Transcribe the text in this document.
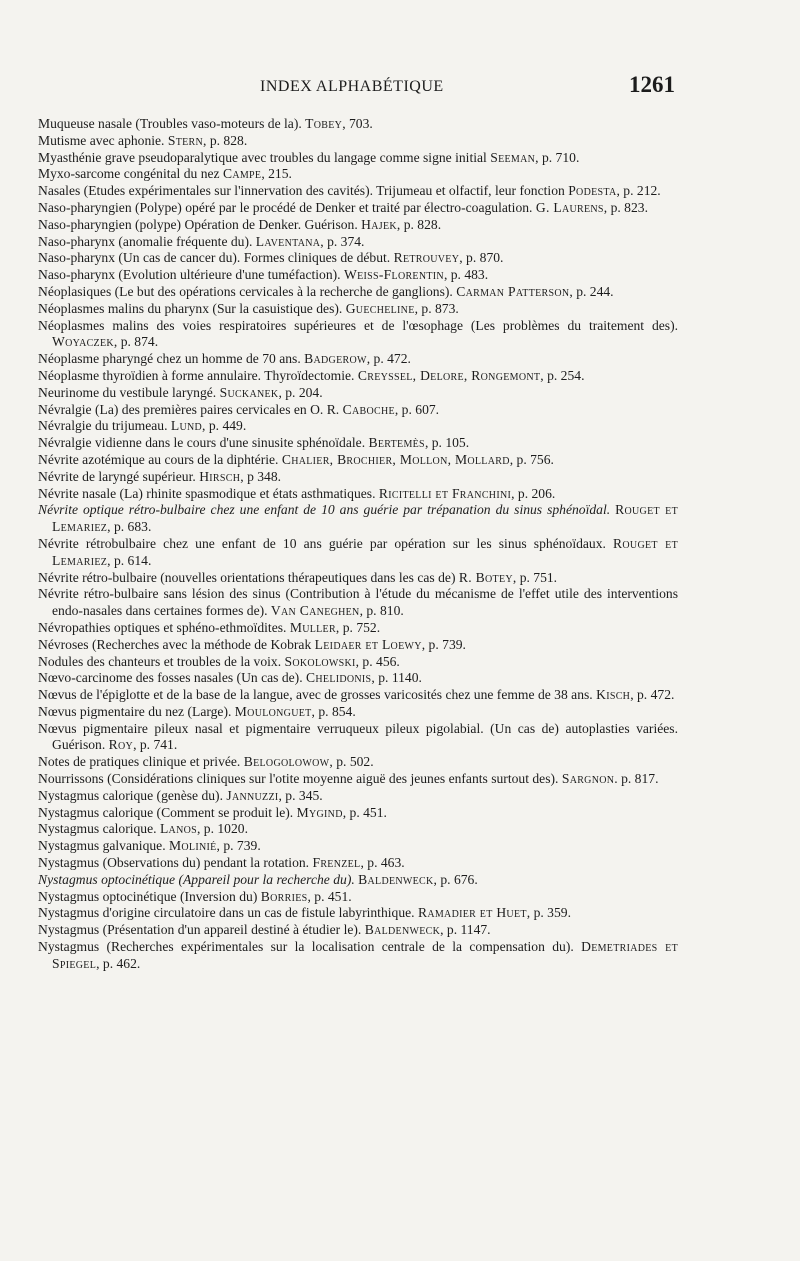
INDEX ALPHABÉTIQUE	1261

Muqueuse nasale (Troubles vaso-moteurs de la). Tobey, 703.

Mutisme avec aphonie. Stern, p. 828.

Myasthénie grave pseudoparalytique avec troubles du langage comme signe initial Seeman, p. 710.

Myxo-sarcome congénital du nez Campe, 215.

Nasales (Etudes expérimentales sur l'innervation des cavités). Trijumeau et olfactif, leur fonction Podesta, p. 212.

Naso-pharyngien (Polype) opéré par le procédé de Denker et traité par électro-coagulation. G. Laurens, p. 823.

Naso-pharyngien (polype) Opération de Denker. Guérison. Hajek, p. 828.

Naso-pharynx (anomalie fréquente du). Laventana, p. 374.

Naso-pharynx (Un cas de cancer du). Formes cliniques de début. Retrouvey, p. 870.

Naso-pharynx (Evolution ultérieure d'une tuméfaction). Weiss-Florentin, p. 483.

Néoplasiques (Le but des opérations cervicales à la recherche de ganglions). Carman Patterson, p. 244.

Néoplasmes malins du pharynx (Sur la casuistique des). Guecheline, p. 873.

Néoplasmes malins des voies respiratoires supérieures et de l'œsophage (Les problèmes du traitement des). Woyaczek, p. 874.

Néoplasme pharyngé chez un homme de 70 ans. Badgerow, p. 472.

Néoplasme thyroïdien à forme annulaire. Thyroïdectomie. Creyssel, Delore, Rongemont, p. 254.

Neurinome du vestibule laryngé. Suckanek, p. 204.

Névralgie (La) des premières paires cervicales en O. R. Caboche, p. 607.

Névralgie du trijumeau. Lund, p. 449.

Névralgie vidienne dans le cours d'une sinusite sphénoïdale. Bertemès, p. 105.

Névrite azotémique au cours de la diphtérie. Chalier, Brochier, Mollon, Mollard, p. 756.

Névrite de laryngé supérieur. Hirsch, p 348.

Névrite nasale (La) rhinite spasmodique et états asthmatiques. Ricitelli et Franchini, p. 206.

Névrite optique rétro-bulbaire chez une enfant de 10 ans guérie par trépanation du sinus sphénoïdal. Rouget et Lemariez, p. 683.

Névrite rétrobulbaire chez une enfant de 10 ans guérie par opération sur les sinus sphénoïdaux. Rouget et Lemariez, p. 614.

Névrite rétro-bulbaire (nouvelles orientations thérapeutiques dans les cas de) R. Botey, p. 751.

Névrite rétro-bulbaire sans lésion des sinus (Contribution à l'étude du mécanisme de l'effet utile des interventions endo-nasales dans certaines formes de). Van Caneghen, p. 810.

Névropathies optiques et sphéno-ethmoïdites. Muller, p. 752.

Névroses (Recherches avec la méthode de Kobrak Leidaer et Loewy, p. 739.

Nodules des chanteurs et troubles de la voix. Sokolowski, p. 456.

Nœvo-carcinome des fosses nasales (Un cas de). Chelidonis, p. 1140.

Nœvus de l'épiglotte et de la base de la langue, avec de grosses varicosités chez une femme de 38 ans. Kisch, p. 472.

Nœvus pigmentaire du nez (Large). Moulonguet, p. 854.

Nœvus pigmentaire pileux nasal et pigmentaire verruqueux pileux pigolabial. (Un cas de) autoplasties variées. Guérison. Roy, p. 741.

Notes de pratiques clinique et privée. Belogolowow, p. 502.

Nourrissons (Considérations cliniques sur l'otite moyenne aiguë des jeunes enfants surtout des). Sargnon. p. 817.

Nystagmus calorique (genèse du). Jannuzzi, p. 345.

Nystagmus calorique (Comment se produit le). Mygind, p. 451.

Nystagmus calorique. Lanos, p. 1020.

Nystagmus galvanique. Molinié, p. 739.

Nystagmus (Observations du) pendant la rotation. Frenzel, p. 463.

Nystagmus optocinétique (Appareil pour la recherche du). Baldenweck, p. 676.

Nystagmus optocinétique (Inversion du) Borries, p. 451.

Nystagmus d'origine circulatoire dans un cas de fistule labyrinthique. Ramadier et Huet, p. 359.

Nystagmus (Présentation d'un appareil destiné à étudier le). Baldenweck, p. 1147.

Nystagmus (Recherches expérimentales sur la localisation centrale de la compensation du). Demetriades et Spiegel, p. 462.
